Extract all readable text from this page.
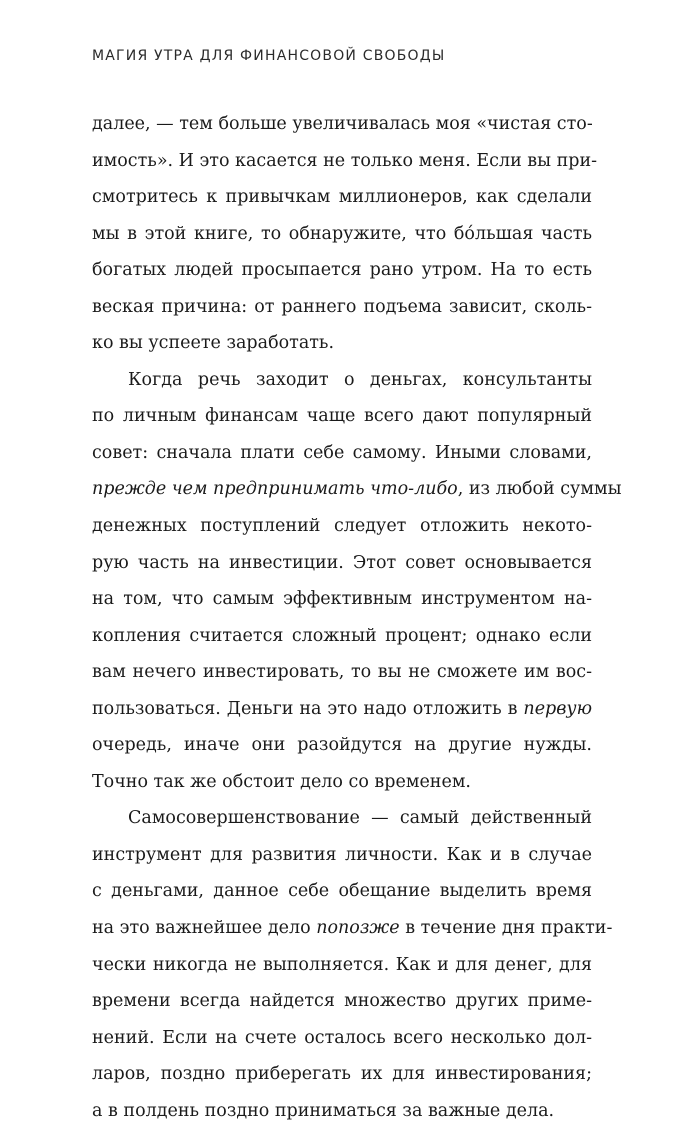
МАГИЯ УТРА ДЛЯ ФИНАНСОВОЙ СВОБОДЫ
далее, — тем больше увеличивалась моя «чистая сто-
имость». И это касается не только меня. Если вы при-
смотритесь к привычкам миллионеров, как сделали
мы в этой книге, то обнаружите, что бóльшая часть
богатых людей просыпается рано утром. На то есть
веская причина: от раннего подъема зависит, сколь-
ко вы успеете заработать.
Когда речь заходит о деньгах, консультанты
по личным финансам чаще всего дают популярный
совет: сначала плати себе самому. Иными словами,
прежде чем предпринимать что-либо, из любой суммы
денежных поступлений следует отложить некото-
рую часть на инвестиции. Этот совет основывается
на том, что самым эффективным инструментом на-
копления считается сложный процент; однако если
вам нечего инвестировать, то вы не сможете им вос-
пользоваться. Деньги на это надо отложить в первую
очередь, иначе они разойдутся на другие нужды.
Точно так же обстоит дело со временем.
Самосовершенствование — самый действенный
инструмент для развития личности. Как и в случае
с деньгами, данное себе обещание выделить время
на это важнейшее дело попозже в течение дня практи-
чески никогда не выполняется. Как и для денег, для
времени всегда найдется множество других приме-
нений. Если на счете осталось всего несколько дол-
ларов, поздно приберегать их для инвестирования;
а в полдень поздно приниматься за важные дела.
